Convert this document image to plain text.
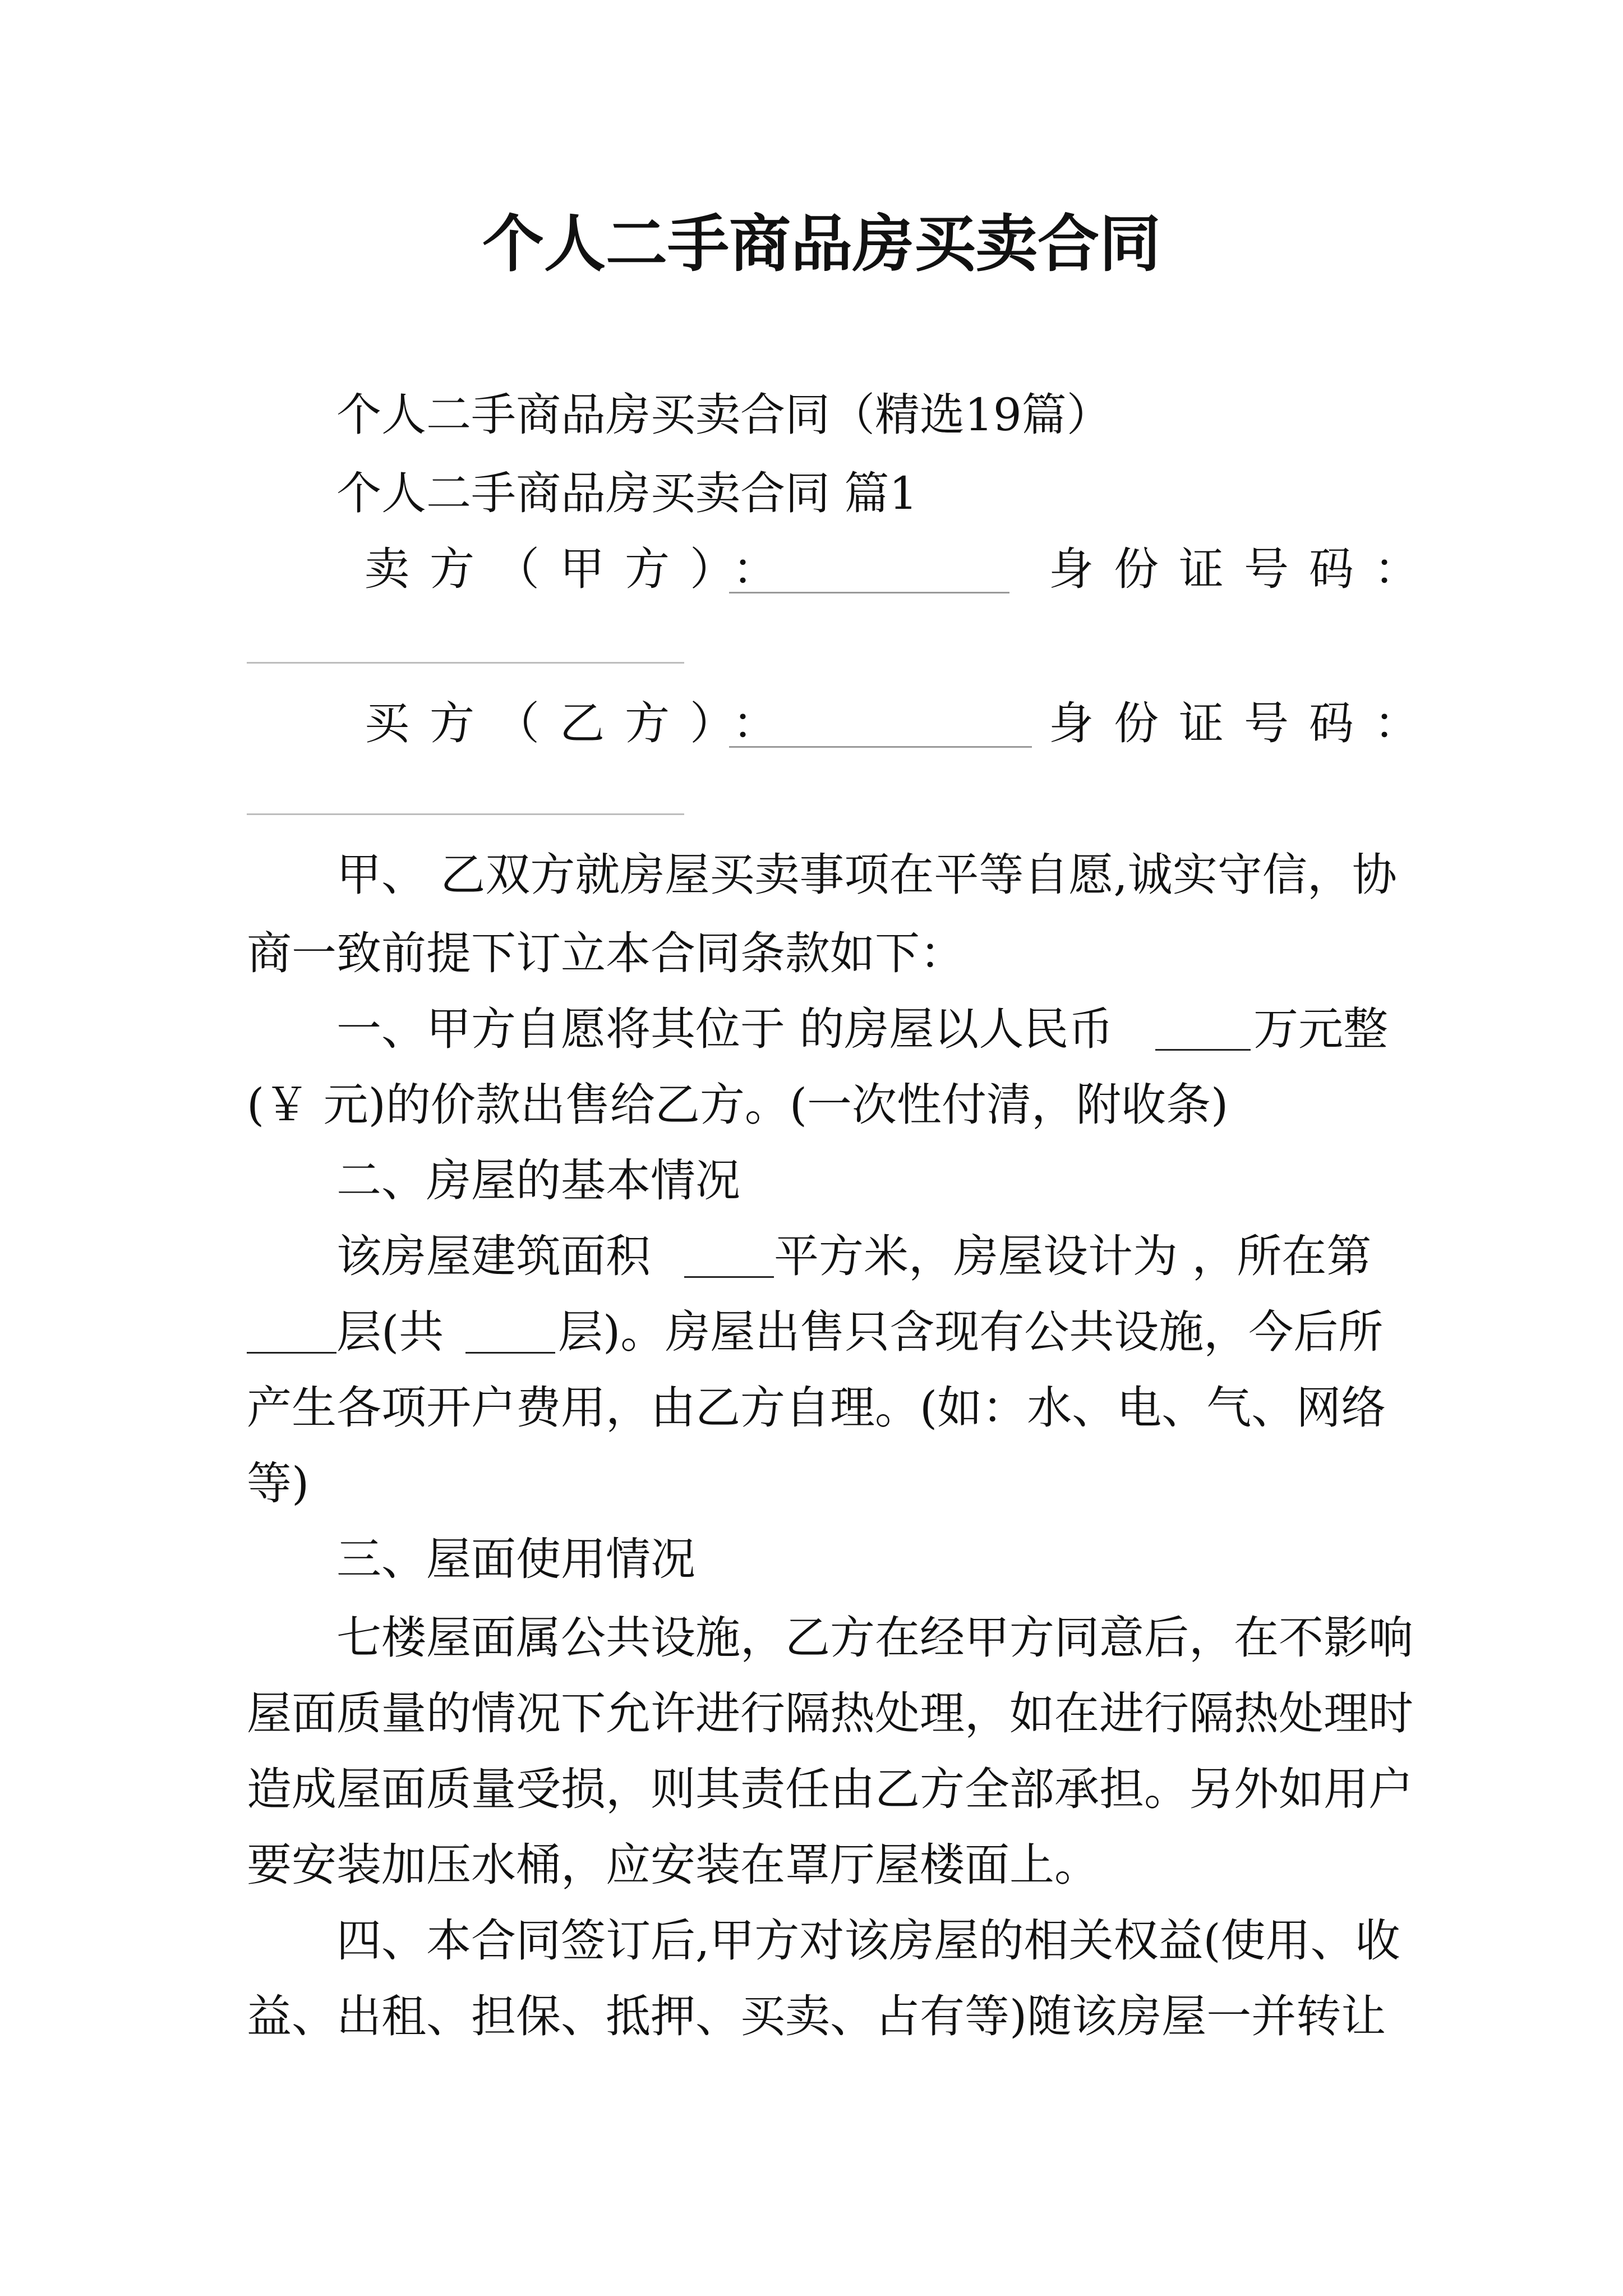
个人二手商品房买卖合同
个人二手商品房买卖合同（精选19篇）
个人二手商品房买卖合同 篇1
卖方（甲方）：	身份证号码：
买方（乙方）：	身份证号码：
甲、 乙双方就房屋买卖事项在平等自愿,诚实守信，协
商一致前提下订立本合同条款如下：
一、甲方自愿将其位于 的房屋以人民币	万元整
(￥ 元)的价款出售给乙方。(一次性付清，附收条)
二、房屋的基本情况
该房屋建筑面积	平方米，房屋设计为 ，所在第
层(共	层)。房屋出售只含现有公共设施，今后所
产生各项开户费用，由乙方自理。(如：水、电、气、网络
等)
三、屋面使用情况
七楼屋面属公共设施，乙方在经甲方同意后，在不影响
屋面质量的情况下允许进行隔热处理，如在进行隔热处理时
造成屋面质量受损，则其责任由乙方全部承担。另外如用户
要安装加压水桶，应安装在罩厅屋楼面上。
四、本合同签订后,甲方对该房屋的相关权益(使用、收
益、出租、担保、抵押、买卖、占有等)随该房屋一并转让
